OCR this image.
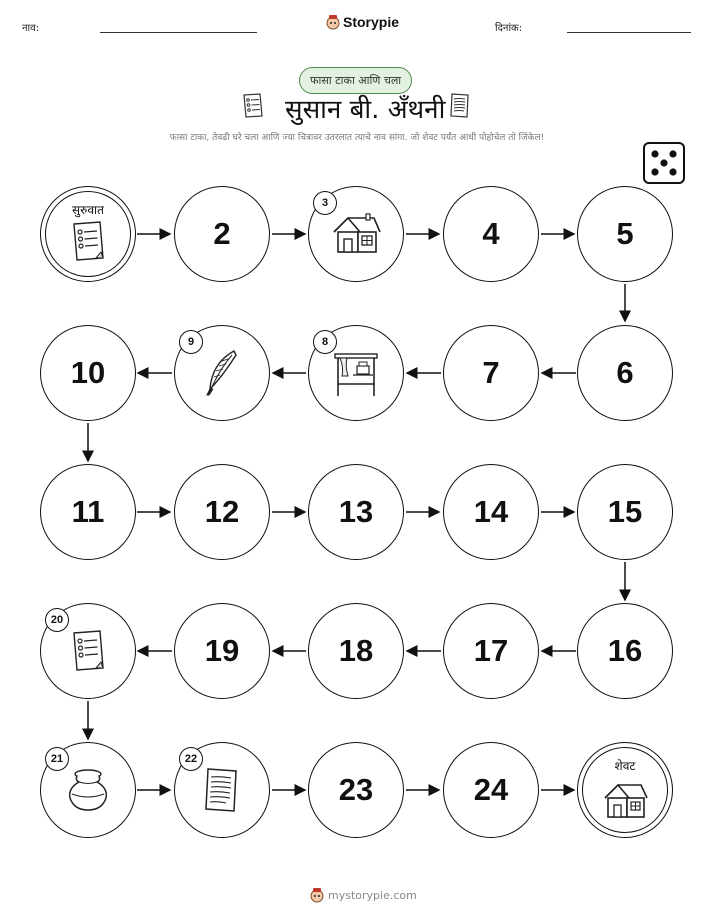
नाव:	Storypie	दिनांक:
फासा टाका आणि चला
सुसान बी. अँथनी
फासा टाका, तेवढी घरे चला आणि ज्या चित्रावर उतरलात त्याचे नाव सांगा. जो शेवट पर्यंत आधी पोहोचेल तो जिंकेल!
सुरुवात
2
3
4	5
6
7
8
9
10
11	12	13	14	15
16
17
18
19
20
21	22
23	24
शेवट
mystorypie.com
